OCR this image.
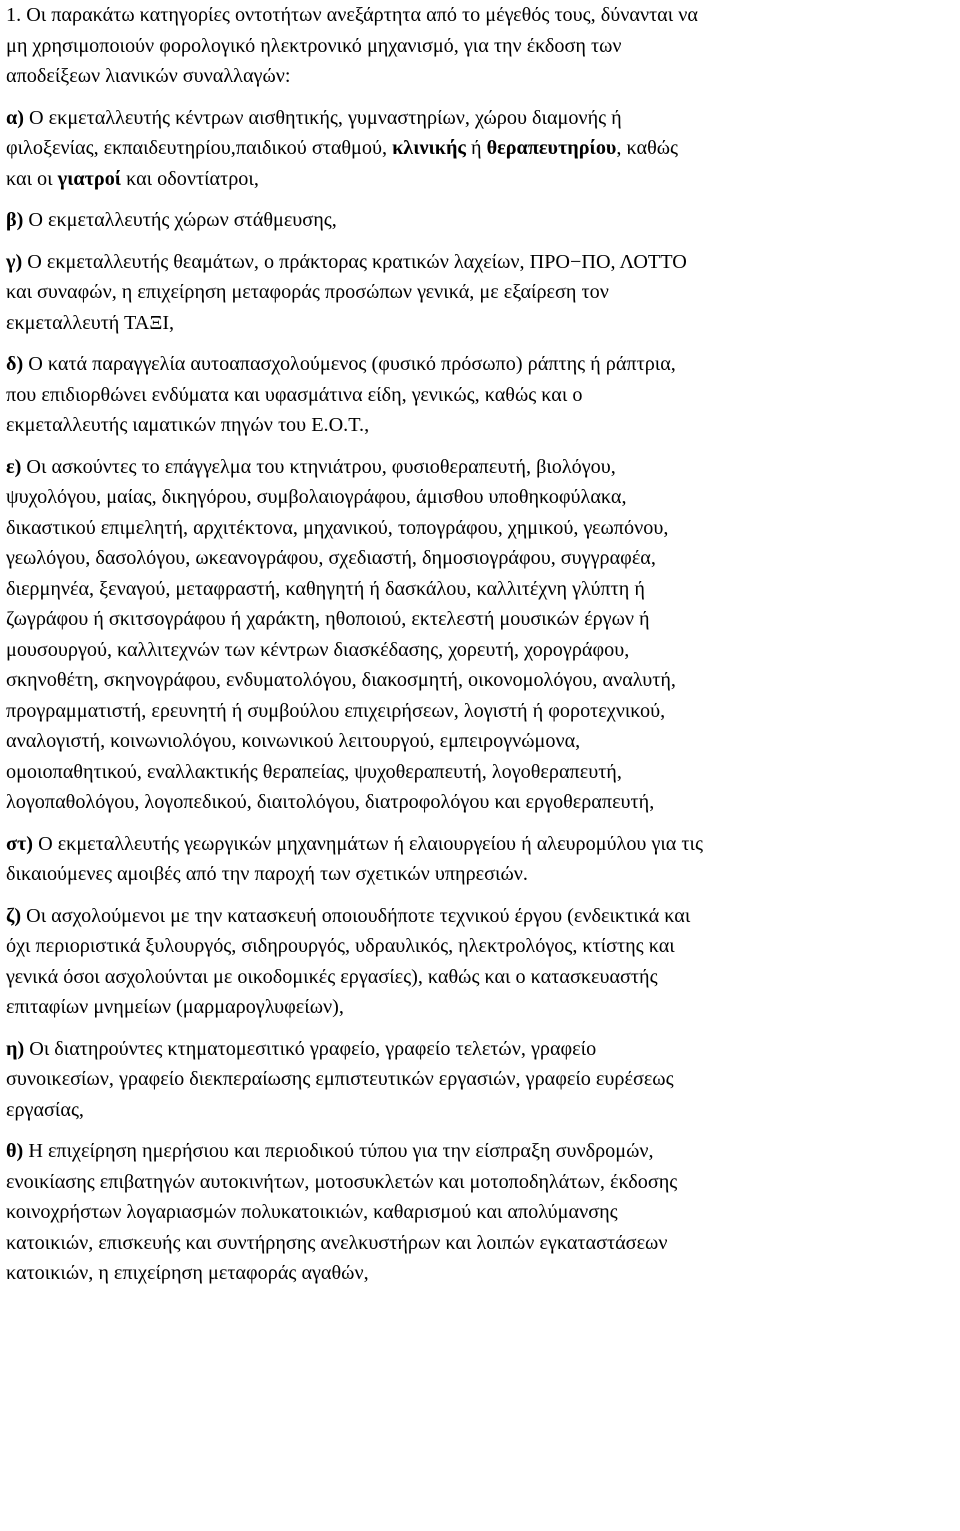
1. Οι παρακάτω κατηγορίες οντοτήτων ανεξάρτητα από το μέγεθός τους, δύνανται να
μη χρησιμοποιούν φορολογικό ηλεκτρονικό μηχανισμό, για την έκδοση των
αποδείξεων λιανικών συναλλαγών:
α) Ο εκμεταλλευτής κέντρων αισθητικής, γυμναστηρίων, χώρου διαμονής ή
φιλοξενίας, εκπαιδευτηρίου,παιδικού σταθμού, κλινικής ή θεραπευτηρίου, καθώς
και οι γιατροί και οδοντίατροι,
β) Ο εκμεταλλευτής χώρων στάθμευσης,
γ) Ο εκμεταλλευτής θεαμάτων, ο πράκτορας κρατικών λαχείων, ΠΡΟ−ΠΟ, ΛΟΤΤΟ
και συναφών, η επιχείρηση μεταφοράς προσώπων γενικά, με εξαίρεση τον
εκμεταλλευτή ΤΑΞΙ,
δ) Ο κατά παραγγελία αυτοαπασχολούμενος (φυσικό πρόσωπο) ράπτης ή ράπτρια,
που επιδιορθώνει ενδύματα και υφασμάτινα είδη, γενικώς, καθώς και ο
εκμεταλλευτής ιαματικών πηγών του Ε.Ο.Τ.,
ε) Οι ασκούντες το επάγγελμα του κτηνιάτρου, φυσιοθεραπευτή, βιολόγου,
ψυχολόγου, μαίας, δικηγόρου, συμβολαιογράφου, άμισθου υποθηκοφύλακα,
δικαστικού επιμελητή, αρχιτέκτονα, μηχανικού, τοπογράφου, χημικού, γεωπόνου,
γεωλόγου, δασολόγου, ωκεανογράφου, σχεδιαστή, δημοσιογράφου, συγγραφέα,
διερμηνέα, ξεναγού, μεταφραστή, καθηγητή ή δασκάλου, καλλιτέχνη γλύπτη ή
ζωγράφου ή σκιτσογράφου ή χαράκτη, ηθοποιού, εκτελεστή μουσικών έργων ή
μουσουργού, καλλιτεχνών των κέντρων διασκέδασης, χορευτή, χορογράφου,
σκηνοθέτη, σκηνογράφου, ενδυματολόγου, διακοσμητή, οικονομολόγου, αναλυτή,
προγραμματιστή, ερευνητή ή συμβούλου επιχειρήσεων, λογιστή ή φοροτεχνικού,
αναλογιστή, κοινωνιολόγου, κοινωνικού λειτουργού, εμπειρογνώμονα,
ομοιοπαθητικού, εναλλακτικής θεραπείας, ψυχοθεραπευτή, λογοθεραπευτή,
λογοπαθολόγου, λογοπεδικού, διαιτολόγου, διατροφολόγου και εργοθεραπευτή,
στ) Ο εκμεταλλευτής γεωργικών μηχανημάτων ή ελαιουργείου ή αλευρομύλου για τις
δικαιούμενες αμοιβές από την παροχή των σχετικών υπηρεσιών.
ζ) Οι ασχολούμενοι με την κατασκευή οποιουδήποτε τεχνικού έργου (ενδεικτικά και
όχι περιοριστικά ξυλουργός, σιδηρουργός, υδραυλικός, ηλεκτρολόγος, κτίστης και
γενικά όσοι ασχολούνται με οικοδομικές εργασίες), καθώς και ο κατασκευαστής
επιταφίων μνημείων (μαρμαρογλυφείων),
η) Οι διατηρούντες κτηματομεσιτικό γραφείο, γραφείο τελετών, γραφείο
συνοικεσίων, γραφείο διεκπεραίωσης εμπιστευτικών εργασιών, γραφείο ευρέσεως
εργασίας,
θ) Η επιχείρηση ημερήσιου και περιοδικού τύπου για την είσπραξη συνδρομών,
ενοικίασης επιβατηγών αυτοκινήτων, μοτοσυκλετών και μοτοποδηλάτων, έκδοσης
κοινοχρήστων λογαριασμών πολυκατοικιών, καθαρισμού και απολύμανσης
κατοικιών, επισκευής και συντήρησης ανελκυστήρων και λοιπών εγκαταστάσεων
κατοικιών, η επιχείρηση μεταφοράς αγαθών,
